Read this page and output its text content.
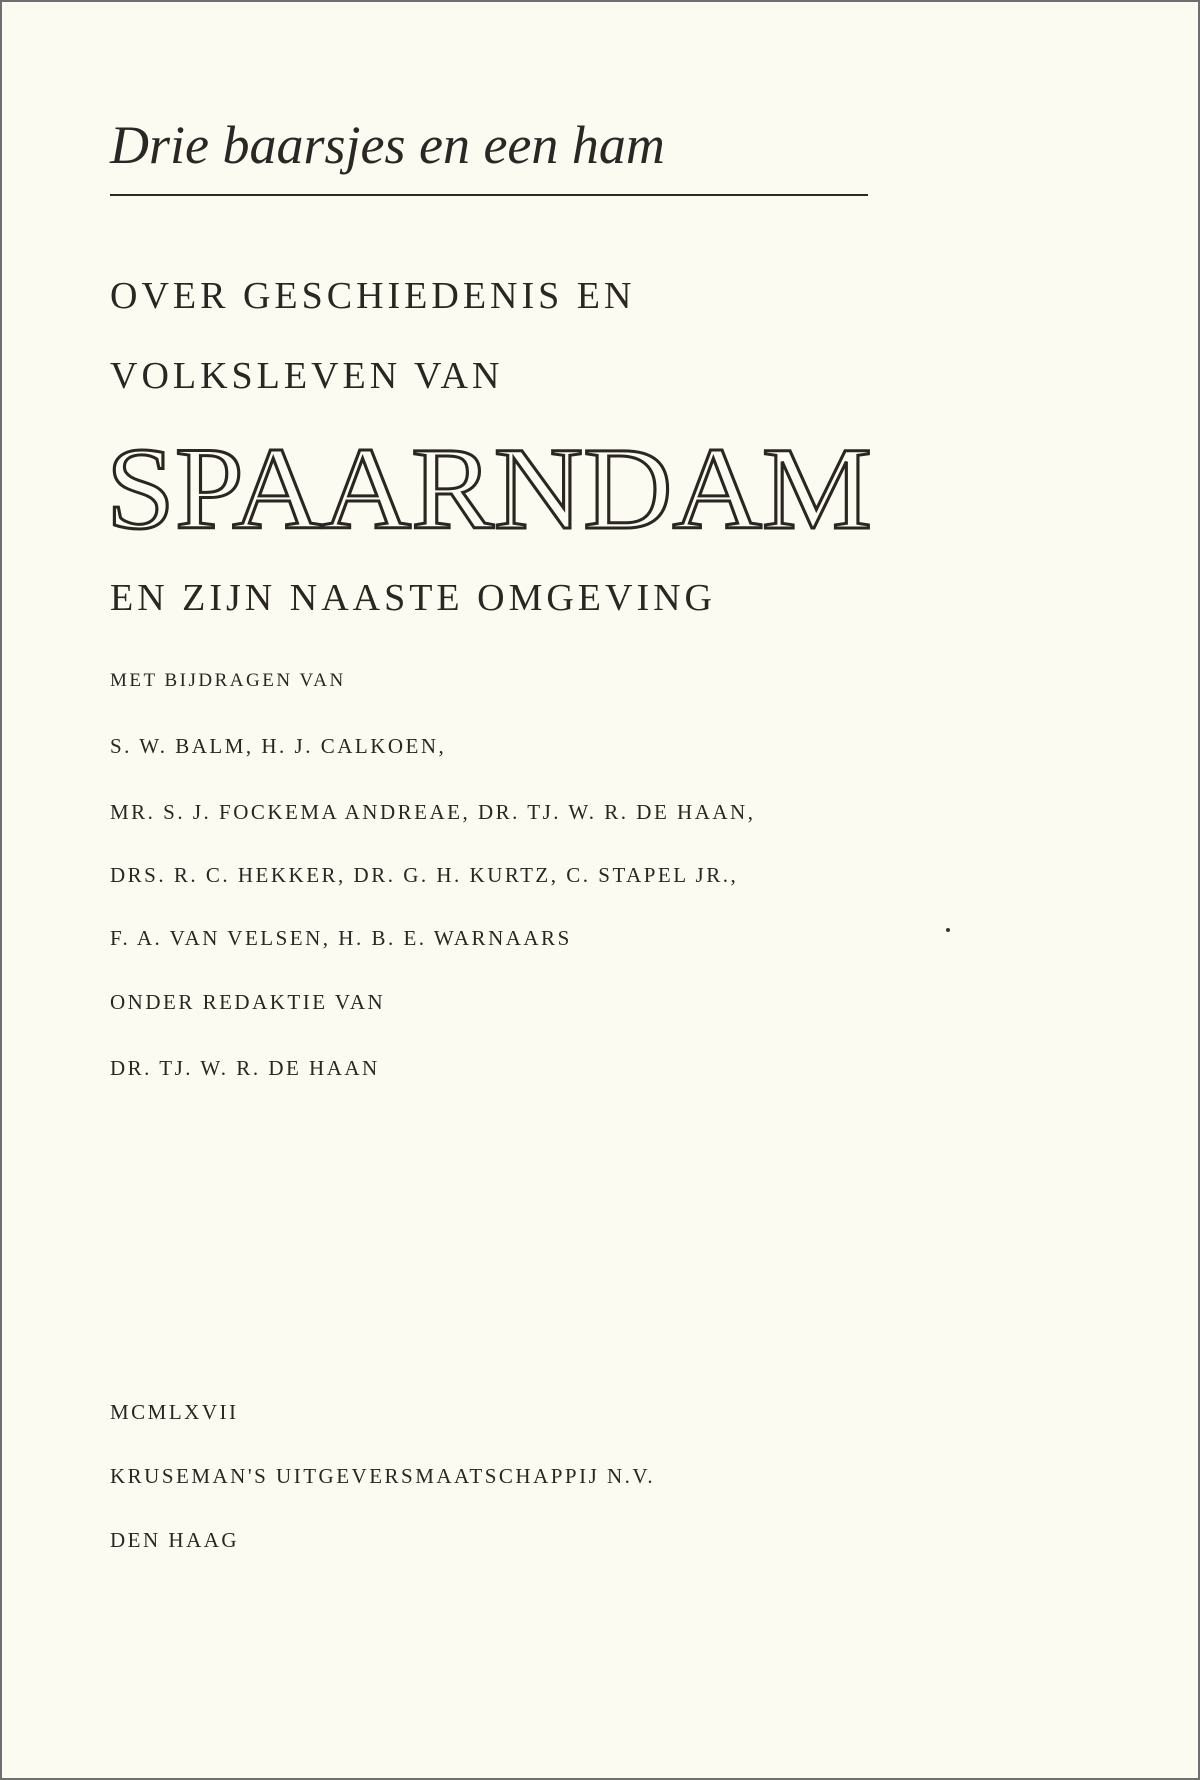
Drie baarsjes en een ham
OVER GESCHIEDENIS EN
VOLKSLEVEN VAN
SPAARNDAM
EN ZIJN NAASTE OMGEVING
MET BIJDRAGEN VAN
S. W. BALM, H. J. CALKOEN,
MR. S. J. FOCKEMA ANDREAE, DR. TJ. W. R. DE HAAN,
DRS. R. C. HEKKER, DR. G. H. KURTZ, C. STAPEL JR.,
F. A. VAN VELSEN, H. B. E. WARNAARS
ONDER REDAKTIE VAN
DR. TJ. W. R. DE HAAN
MCMLXVII
KRUSEMAN'S UITGEVERSMAATSCHAPPIJ N.V.
DEN HAAG
